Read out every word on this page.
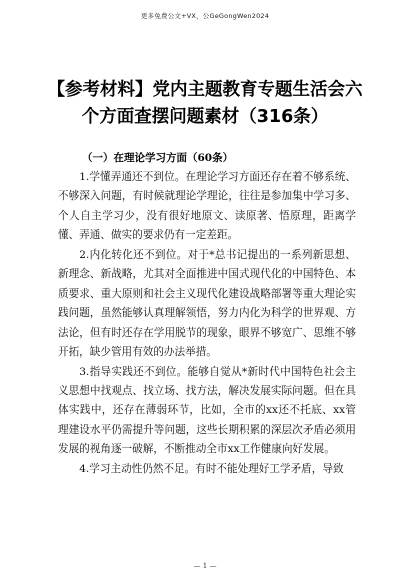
更多免费公文+VX，公GeGongWen2024
【参考材料】党内主题教育专题生活会六个方面查摆问题素材（316条）
（一）在理论学习方面（60条）

1.学懂弄通还不到位。在理论学习方面还存在着不够系统、不够深入问题，有时候就理论学理论，往往是参加集中学习多、个人自主学习少，没有很好地原文、读原著、悟原理，距离学懂、弄通、做实的要求仍有一定差距。

2.内化转化还不到位。对于*总书记提出的一系列新思想、新理念、新战略，尤其对全面推进中国式现代化的中国特色、本质要求、重大原则和社会主义现代化建设战略部署等重大理论实践问题，虽然能够认真理解领悟，努力内化为科学的世界观、方法论，但有时还存在学用脱节的现象，眼界不够宽广、思维不够开拓，缺少管用有效的办法举措。

3.指导实践还不到位。能够自觉从*新时代中国特色社会主义思想中找观点、找立场、找方法，解决发展实际问题。但在具体实践中，还存在薄弱环节，比如，全市的xx还不托底、xx管理建设水平仍需提升等问题，这些长期积累的深层次矛盾必须用发展的视角逐一破解，不断推动全市xx工作健康向好发展。

4.学习主动性仍然不足。有时不能处理好工学矛盾，导致

— 1 —
